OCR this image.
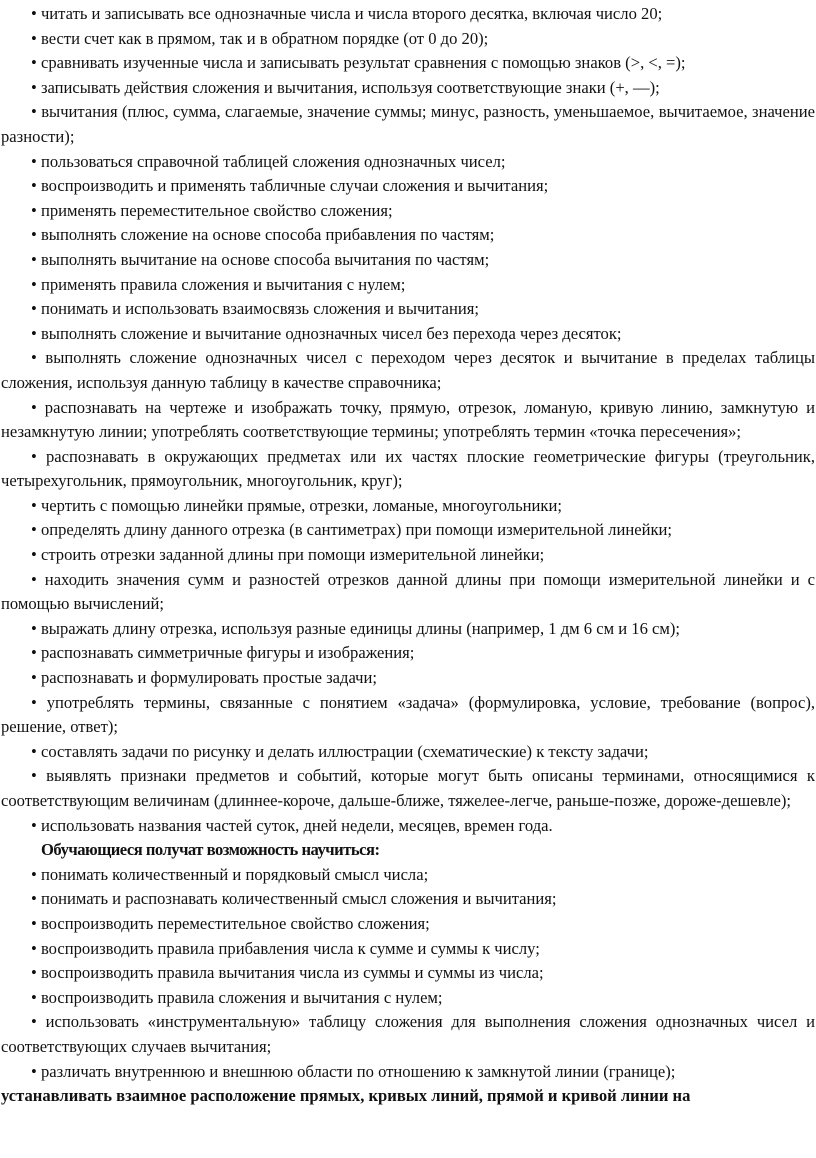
• читать и записывать все однозначные числа и числа второго десятка, включая число 20;

• вести счет как в прямом, так и в обратном порядке (от 0 до 20);

• сравнивать изученные числа и записывать результат сравнения с помощью знаков (>, <, =);

• записывать действия сложения и вычитания, используя соответствующие знаки (+, —);

• вычитания (плюс, сумма, слагаемые, значение суммы; минус, разность, уменьшаемое, вычитаемое, значение разности);

• пользоваться справочной таблицей сложения однозначных чисел;

• воспроизводить и применять табличные случаи сложения и вычитания;

• применять переместительное свойство сложения;

• выполнять сложение на основе способа прибавления по частям;

• выполнять вычитание на основе способа вычитания по частям;

• применять правила сложения и вычитания с нулем;

• понимать и использовать взаимосвязь сложения и вычитания;

• выполнять сложение и вычитание однозначных чисел без перехода через десяток;

• выполнять сложение однозначных чисел с переходом через десяток и вычитание в пределах таблицы сложения, используя данную таблицу в качестве справочника;

• распознавать на чертеже и изображать точку, прямую, отрезок, ломаную, кривую линию, замкнутую и незамкнутую линии; употреблять соответствующие термины; употреблять термин «точка пересечения»;

• распознавать в окружающих предметах или их частях плоские геометрические фигуры (треугольник, четырехугольник, прямоугольник, многоугольник, круг);

• чертить с помощью линейки прямые, отрезки, ломаные, многоугольники;

• определять длину данного отрезка (в сантиметрах) при помощи измерительной линейки;

• строить отрезки заданной длины при помощи измерительной линейки;

• находить значения сумм и разностей отрезков данной длины при помощи измерительной линейки и с помощью вычислений;

• выражать длину отрезка, используя разные единицы длины (например, 1 дм 6 см и 16 см);

• распознавать симметричные фигуры и изображения;

• распознавать и формулировать простые задачи;

• употреблять термины, связанные с понятием «задача» (формулировка, условие, требование (вопрос), решение, ответ);

• составлять задачи по рисунку и делать иллюстрации (схематические) к тексту задачи;

• выявлять признаки предметов и событий, которые могут быть описаны терминами, относящимися к соответствующим величинам (длиннее-короче, дальше-ближе, тяжелее-легче, раньше-позже, дороже-дешевле);

• использовать названия частей суток, дней недели, месяцев, времен года.

Обучающиеся получат возможность научиться:

• понимать количественный и порядковый смысл числа;

• понимать и распознавать количественный смысл сложения и вычитания;

• воспроизводить переместительное свойство сложения;

• воспроизводить правила прибавления числа к сумме и суммы к числу;

• воспроизводить правила вычитания числа из суммы и суммы из числа;

• воспроизводить правила сложения и вычитания с нулем;

• использовать «инструментальную» таблицу сложения для выполнения сложения однозначных чисел и соответствующих случаев вычитания;

• различать внутреннюю и внешнюю области по отношению к замкнутой линии (границе);

устанавливать взаимное расположение прямых, кривых линий, прямой и кривой линии на
